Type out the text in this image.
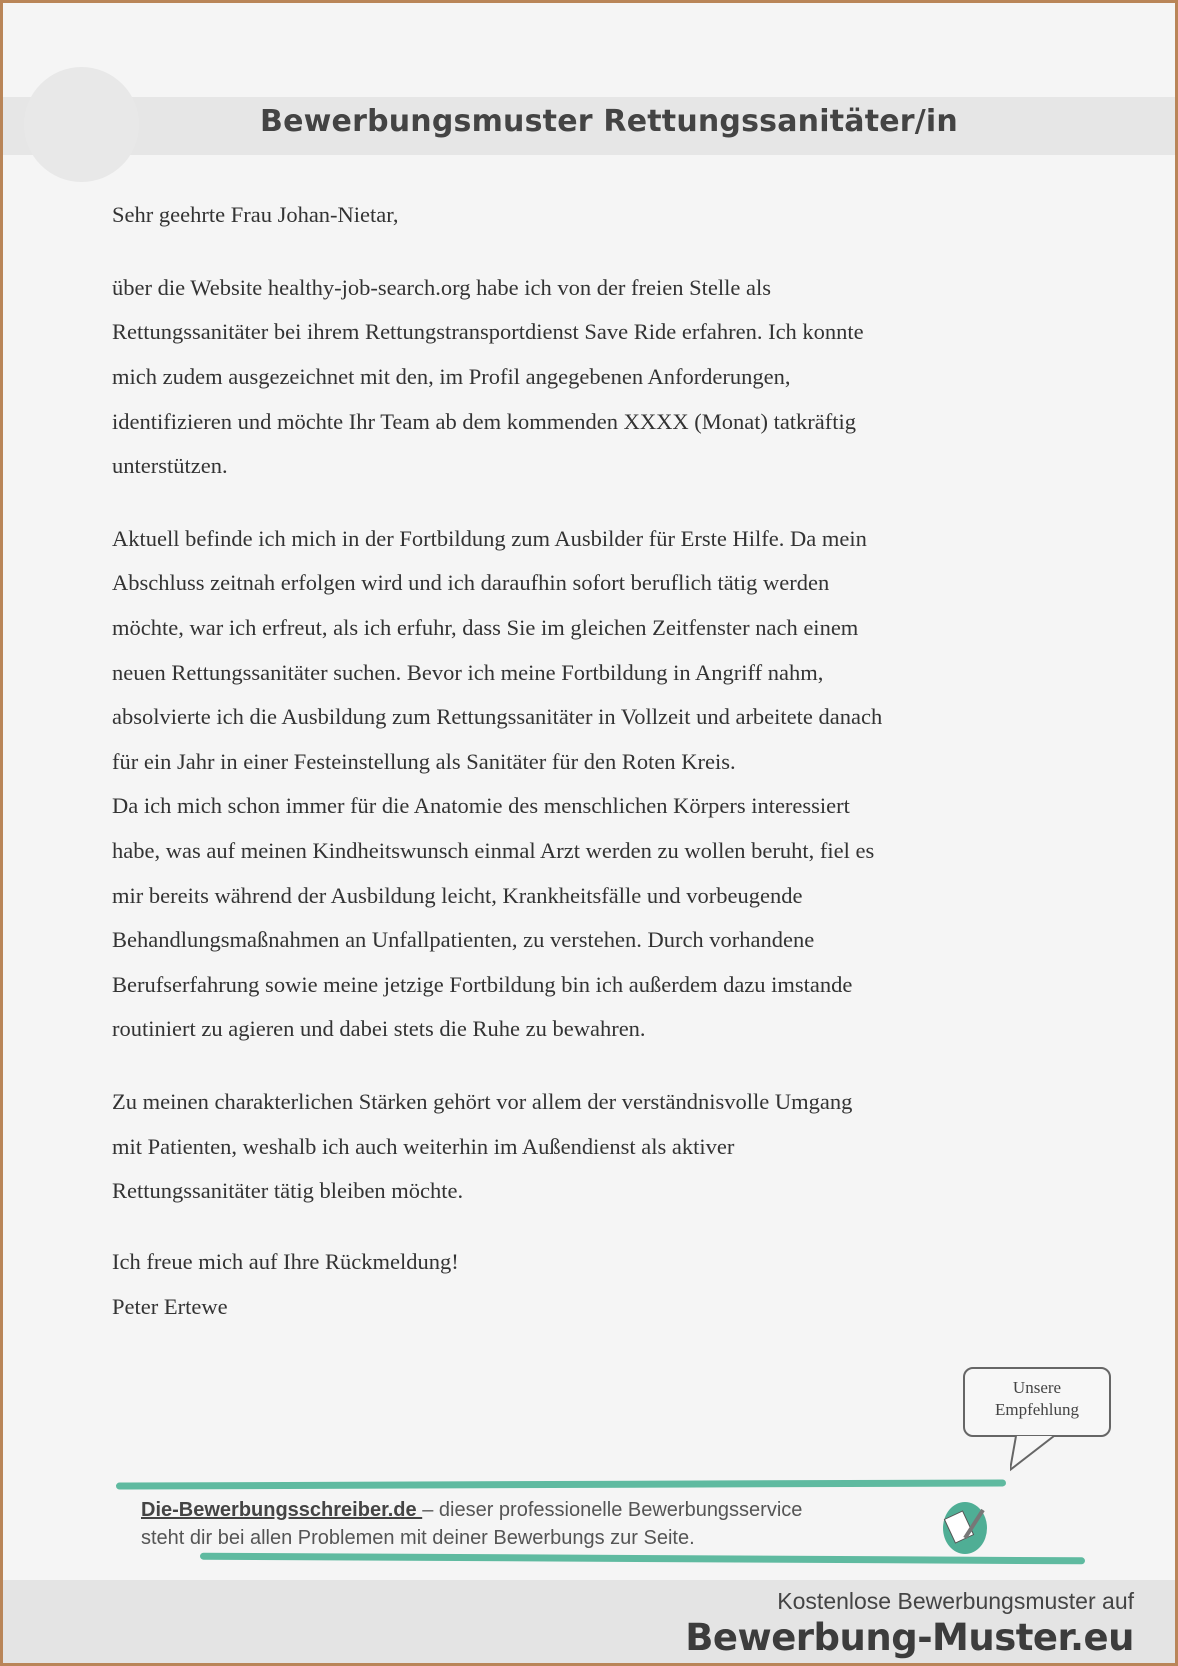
Bewerbungsmuster Rettungssanitäter/in
Sehr geehrte Frau Johan-Nietar,
über die Website healthy-job-search.org habe ich von der freien Stelle als
Rettungssanitäter bei ihrem Rettungstransportdienst Save Ride erfahren. Ich konnte
mich zudem ausgezeichnet mit den, im Profil angegebenen Anforderungen,
identifizieren und möchte Ihr Team ab dem kommenden XXXX (Monat) tatkräftig
unterstützen.
Aktuell befinde ich mich in der Fortbildung zum Ausbilder für Erste Hilfe. Da mein
Abschluss zeitnah erfolgen wird und ich daraufhin sofort beruflich tätig werden
möchte, war ich erfreut, als ich erfuhr, dass Sie im gleichen Zeitfenster nach einem
neuen Rettungssanitäter suchen. Bevor ich meine Fortbildung in Angriff nahm,
absolvierte ich die Ausbildung zum Rettungssanitäter in Vollzeit und arbeitete danach
für ein Jahr in einer Festeinstellung als Sanitäter für den Roten Kreis.
Da ich mich schon immer für die Anatomie des menschlichen Körpers interessiert
habe, was auf meinen Kindheitswunsch einmal Arzt werden zu wollen beruht, fiel es
mir bereits während der Ausbildung leicht, Krankheitsfälle und vorbeugende
Behandlungsmaßnahmen an Unfallpatienten, zu verstehen. Durch vorhandene
Berufserfahrung sowie meine jetzige Fortbildung bin ich außerdem dazu imstande
routiniert zu agieren und dabei stets die Ruhe zu bewahren.
Zu meinen charakterlichen Stärken gehört vor allem der verständnisvolle Umgang
mit Patienten, weshalb ich auch weiterhin im Außendienst als aktiver
Rettungssanitäter tätig bleiben möchte.
Ich freue mich auf Ihre Rückmeldung!
Peter Ertewe
Unsere
Empfehlung
Die-Bewerbungsschreiber.de – dieser professionelle Bewerbungsservice
steht dir bei allen Problemen mit deiner Bewerbungs zur Seite.
Kostenlose Bewerbungsmuster auf
Bewerbung-Muster.eu
